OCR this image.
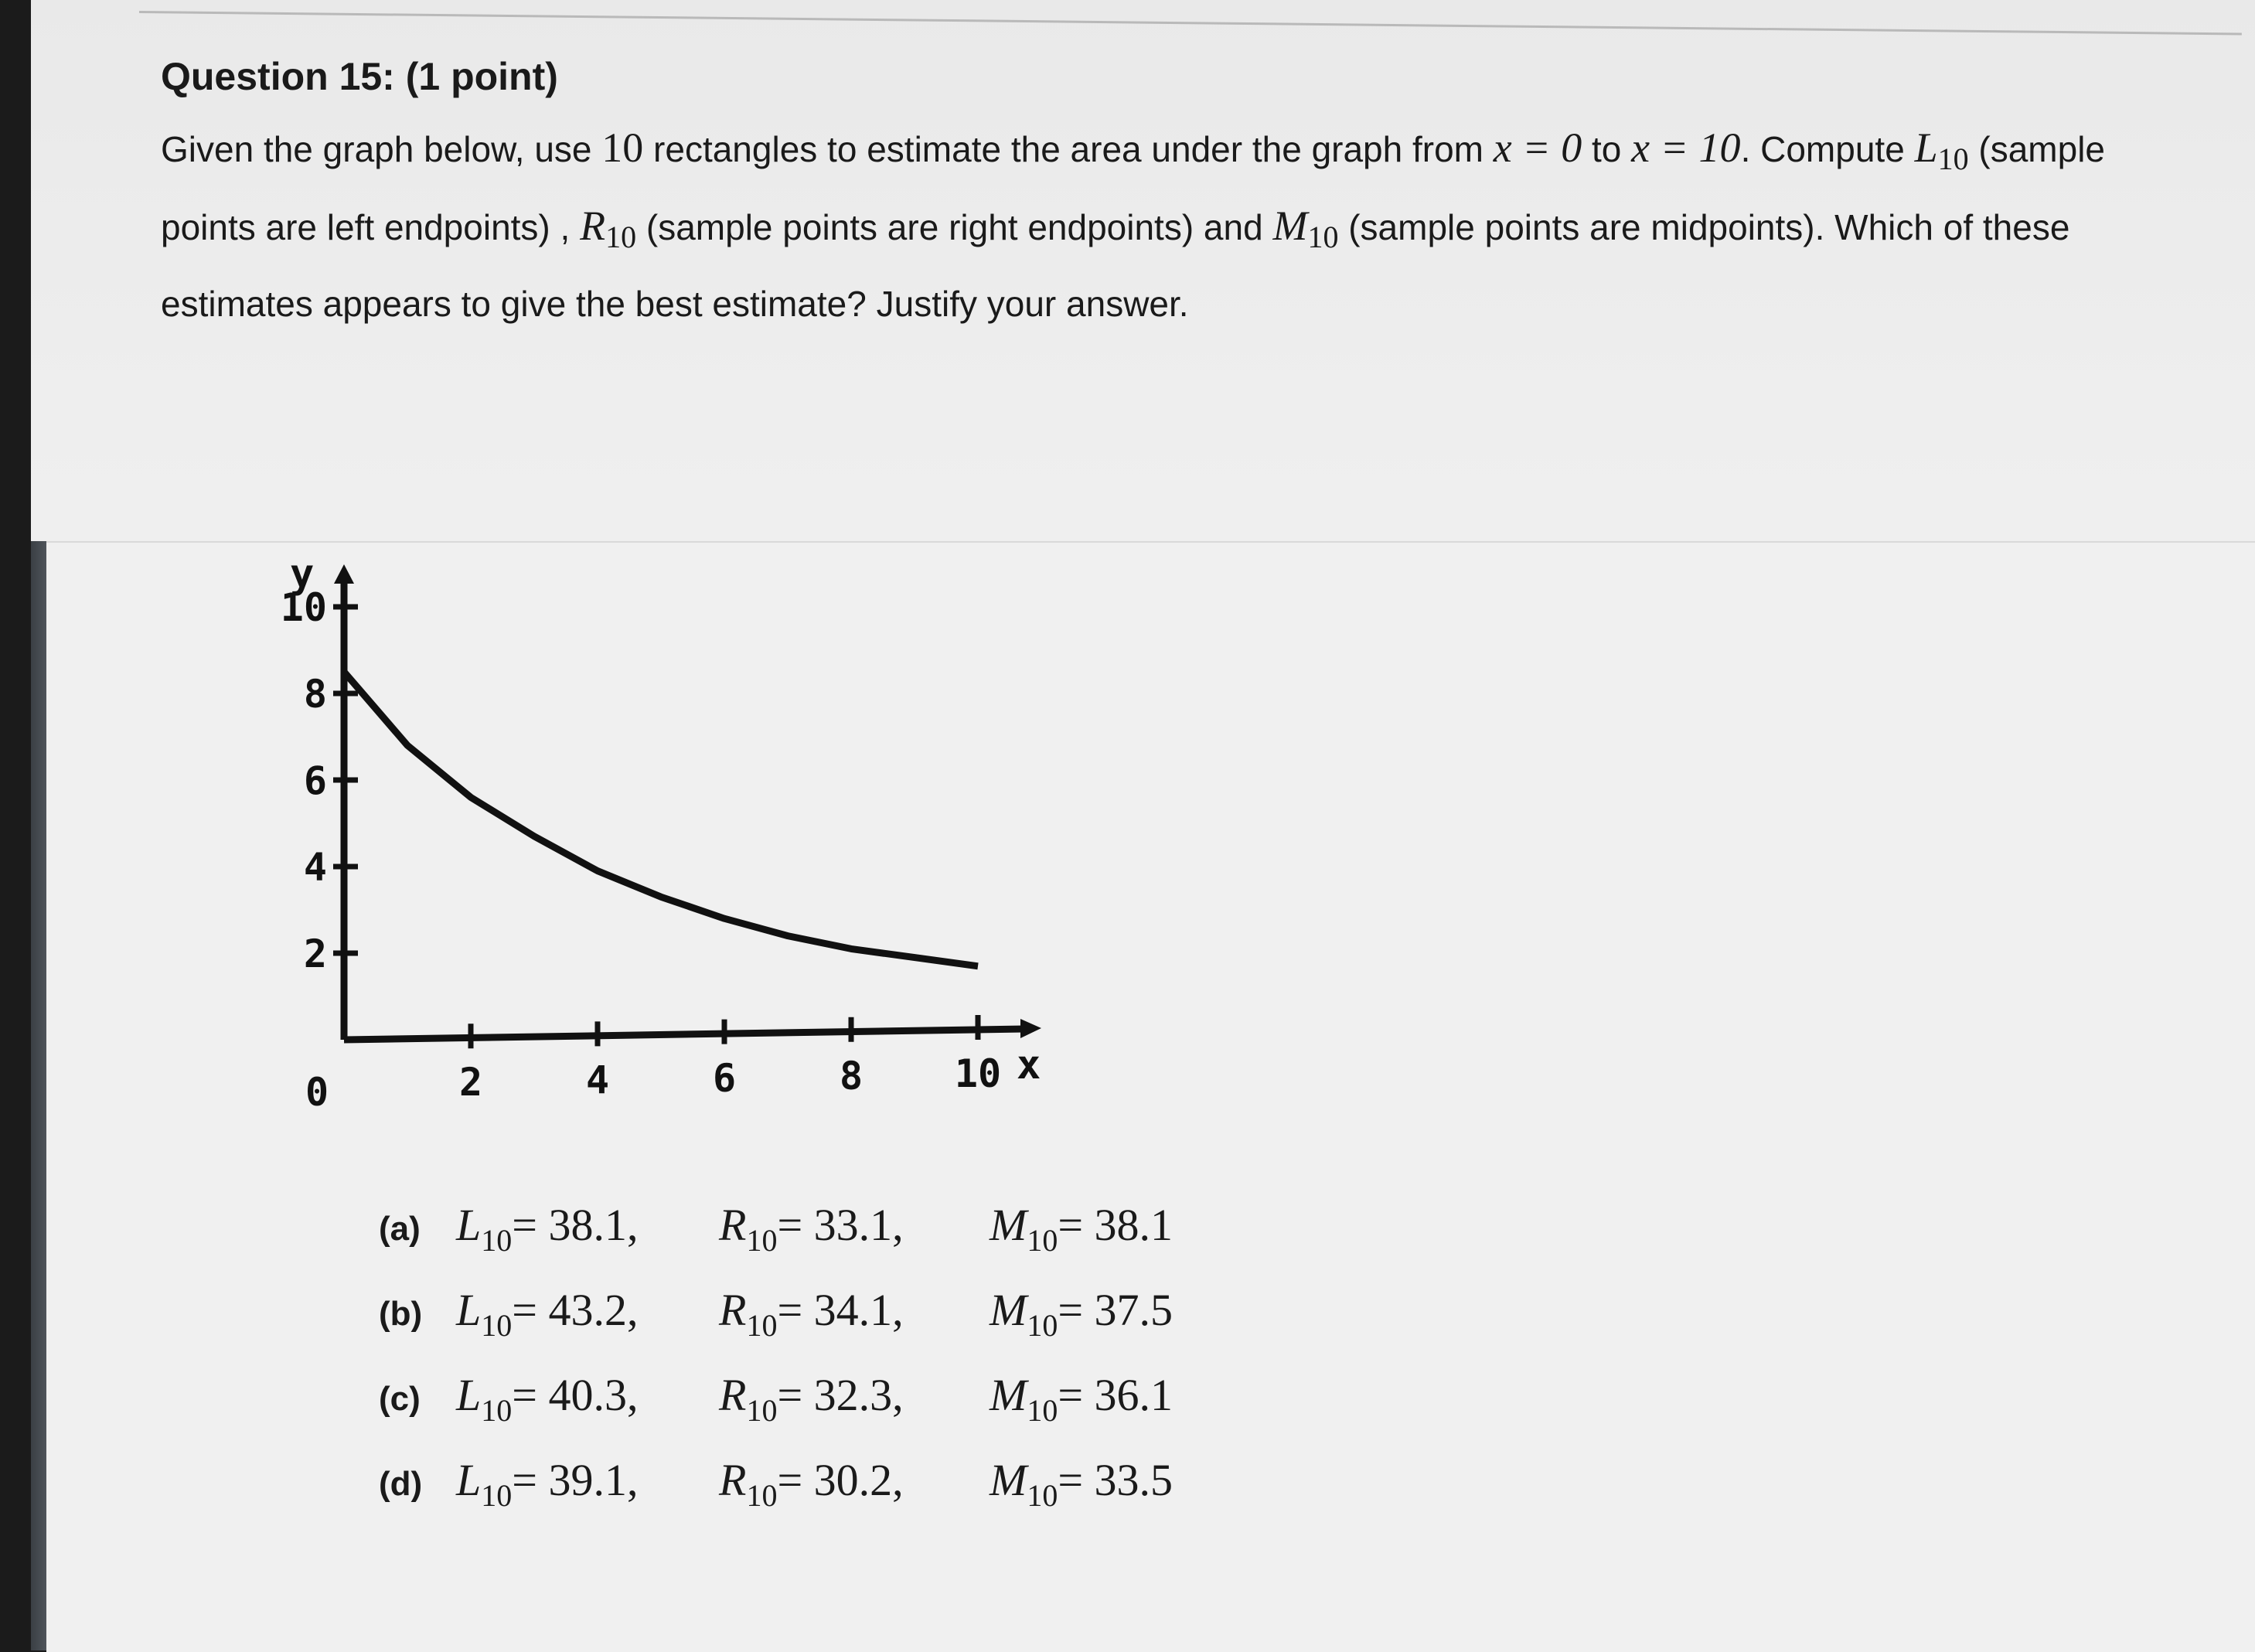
Question 15: (1 point)
Given the graph below, use 10 rectangles to estimate the area under the graph from x = 0 to x = 10. Compute $L_{10}$ (sample points are left endpoints) , $R_{10}$ (sample points are right endpoints) and $M_{10}$ (sample points are midpoints). Which of these estimates appears to give the best estimate? Justify your answer.
10
8
6
4
2
2	4	6	8 10
y
x
0
(a) $L_{10}= 38.1$, $R_{10}= 33.1$, $M_{10}= 38.1$
(b) $L_{10}= 43.2$, $R_{10}= 34.1$, $M_{10}= 37.5$
(c) $L_{10}= 40.3$, $R_{10}= 32.3$, $M_{10}= 36.1$
(d) $L_{10}= 39.1$, $R_{10}= 30.2$, $M_{10}= 33.5$
